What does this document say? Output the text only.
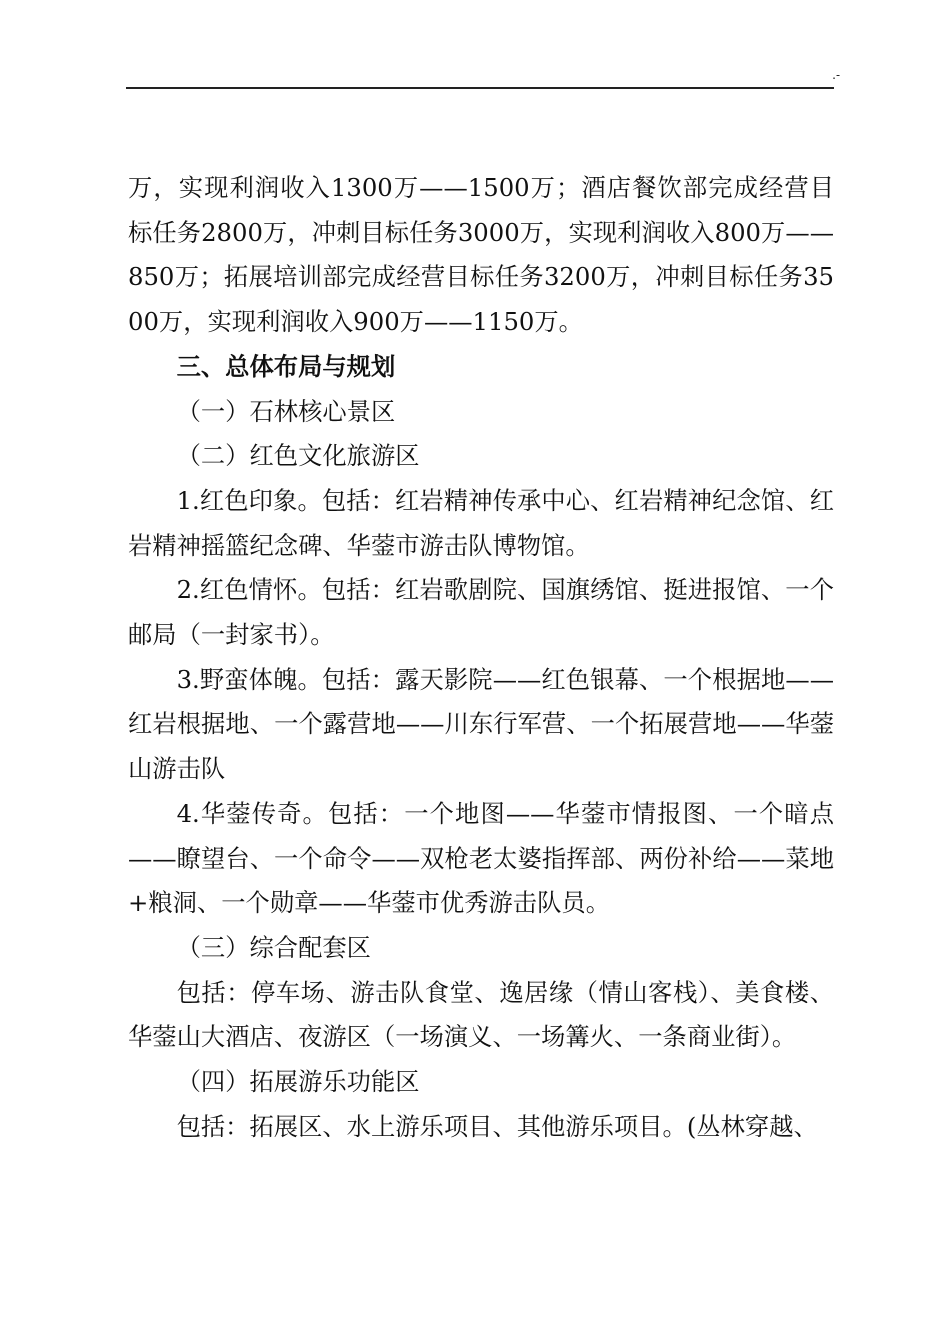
.-

万，实现利润收入1300万——1500万；酒店餐饮部完成经营目标任务2800万，冲刺目标任务3000万，实现利润收入800万——850万；拓展培训部完成经营目标任务3200万，冲刺目标任务3500万，实现利润收入900万——1150万。

三、总体布局与规划

（一）石林核心景区

（二）红色文化旅游区

1.红色印象。包括：红岩精神传承中心、红岩精神纪念馆、红岩精神摇篮纪念碑、华蓥市游击队博物馆。

2.红色情怀。包括：红岩歌剧院、国旗绣馆、挺进报馆、一个邮局（一封家书）。

3.野蛮体魄。包括：露天影院——红色银幕、一个根据地——红岩根据地、一个露营地——川东行军营、一个拓展营地——华蓥山游击队

4.华蓥传奇。包括：一个地图——华蓥市情报图、一个暗点——瞭望台、一个命令——双枪老太婆指挥部、两份补给——菜地+粮洞、一个勋章——华蓥市优秀游击队员。

（三）综合配套区

包括：停车场、游击队食堂、逸居缘（情山客栈）、美食楼、华蓥山大酒店、夜游区（一场演义、一场篝火、一条商业街）。

（四）拓展游乐功能区

包括：拓展区、水上游乐项目、其他游乐项目。(丛林穿越、
